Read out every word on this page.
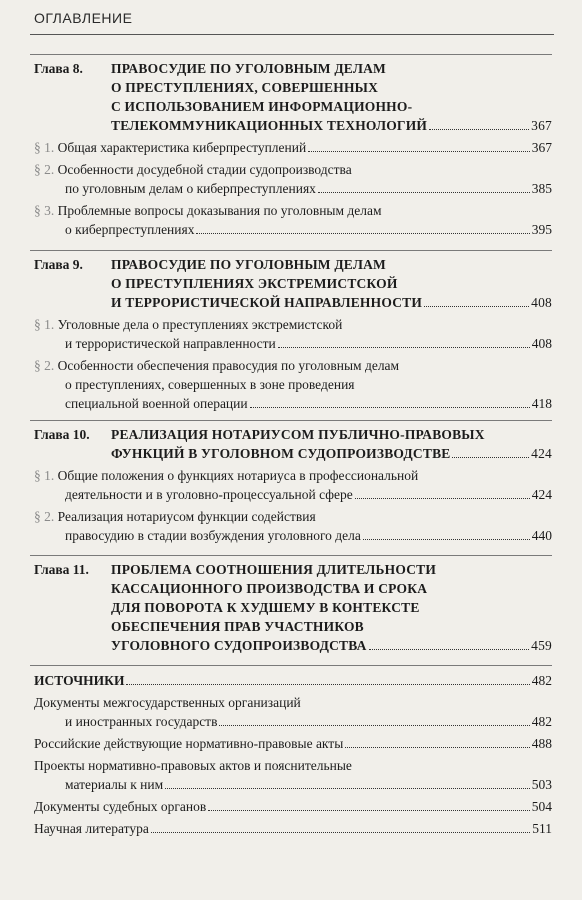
ОГЛАВЛЕНИЕ
Глава 8.	ПРАВОСУДИЕ ПО УГОЛОВНЫМ ДЕЛАМ
О ПРЕСТУПЛЕНИЯХ, СОВЕРШЕННЫХ
С ИСПОЛЬЗОВАНИЕМ ИНФОРМАЦИОННО-
ТЕЛЕКОММУНИКАЦИОННЫХ ТЕХНОЛОГИЙ	367
§ 1. Общая характеристика киберпреступлений	367
§ 2. Особенности досудебной стадии судопроизводства
по уголовным делам о киберпреступлениях	385
§ 3. Проблемные вопросы доказывания по уголовным делам
о киберпреступлениях	395
Глава 9.	ПРАВОСУДИЕ ПО УГОЛОВНЫМ ДЕЛАМ
О ПРЕСТУПЛЕНИЯХ ЭКСТРЕМИСТСКОЙ
И ТЕРРОРИСТИЧЕСКОЙ НАПРАВЛЕННОСТИ	408
§ 1. Уголовные дела о преступлениях экстремистской
и террористической направленности	408
§ 2. Особенности обеспечения правосудия по уголовным делам
о преступлениях, совершенных в зоне проведения
специальной военной операции	418
Глава 10.	РЕАЛИЗАЦИЯ НОТАРИУСОМ ПУБЛИЧНО-ПРАВОВЫХ
ФУНКЦИЙ В УГОЛОВНОМ СУДОПРОИЗВОДСТВЕ	424
§ 1. Общие положения о функциях нотариуса в профессиональной
деятельности и в уголовно-процессуальной сфере	424
§ 2. Реализация нотариусом функции содействия
правосудию в стадии возбуждения уголовного дела	440
Глава 11.	ПРОБЛЕМА СООТНОШЕНИЯ ДЛИТЕЛЬНОСТИ
КАССАЦИОННОГО ПРОИЗВОДСТВА И СРОКА
ДЛЯ ПОВОРОТА К ХУДШЕМУ В КОНТЕКСТЕ
ОБЕСПЕЧЕНИЯ ПРАВ УЧАСТНИКОВ
УГОЛОВНОГО СУДОПРОИЗВОДСТВА	459
ИСТОЧНИКИ	482
Документы межгосударственных организаций
и иностранных государств	482
Российские действующие нормативно-правовые акты	488
Проекты нормативно-правовых актов и пояснительные
материалы к ним	503
Документы судебных органов	504
Научная литература	511
